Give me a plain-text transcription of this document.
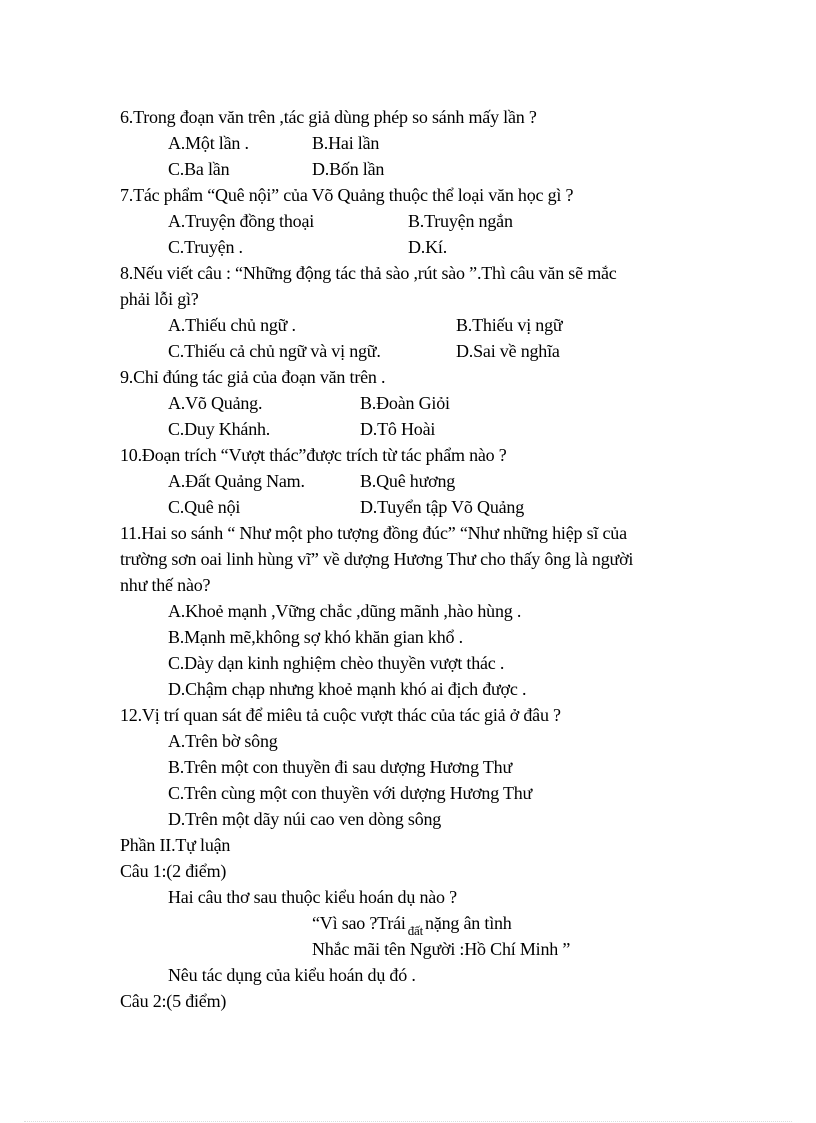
6.Trong đoạn văn trên ,tác giả dùng phép so sánh mấy lần ?
A.Một lần .	B.Hai lần
C.Ba lần	D.Bốn lần
7.Tác phẩm “Quê nội” của Võ Quảng thuộc thể loại văn học gì ?
A.Truyện đồng thoại	B.Truyện ngắn
C.Truyện .	D.Kí.
8.Nếu viết câu : “Những động tác thả sào ,rút sào ”.Thì câu văn sẽ mắc
phải lỗi gì?
A.Thiếu chủ ngữ .	B.Thiếu vị ngữ
C.Thiếu cả chủ ngữ và vị ngữ.	D.Sai về nghĩa
9.Chỉ đúng tác giả của đoạn văn trên .
A.Võ Quảng.	B.Đoàn Giỏi
C.Duy Khánh.	D.Tô Hoài
10.Đoạn trích “Vượt thác”được trích từ tác phẩm nào ?
A.Đất Quảng Nam.	B.Quê hương
C.Quê nội	D.Tuyển tập Võ Quảng
11.Hai so sánh “ Như một pho tượng đồng đúc” “Như những hiệp sĩ của
trường sơn oai linh hùng vĩ” về dượng Hương Thư cho thấy ông là người
như thế nào?
A.Khoẻ mạnh ,Vững chắc ,dũng mãnh ,hào hùng .
B.Mạnh mẽ,không sợ khó khăn gian khổ .
C.Dày dạn kinh nghiệm chèo thuyền vượt thác .
D.Chậm chạp nhưng khoẻ mạnh khó ai địch được .
12.Vị trí quan sát để miêu tả cuộc vượt thác của tác giả ở đâu ?
A.Trên bờ sông
B.Trên một con thuyền đi sau dượng Hương Thư
C.Trên cùng một con thuyền với dượng Hương Thư
D.Trên một dãy núi cao ven dòng sông
Phần II.Tự luận
Câu 1:(2 điểm)
Hai câu thơ sau thuộc kiểu hoán dụ nào ?
“Vì sao ?Trái $_{đất}$ nặng ân tình
Nhắc mãi tên Người :Hồ Chí Minh ”
Nêu tác dụng của kiểu hoán dụ đó .
Câu 2:(5 điểm)
